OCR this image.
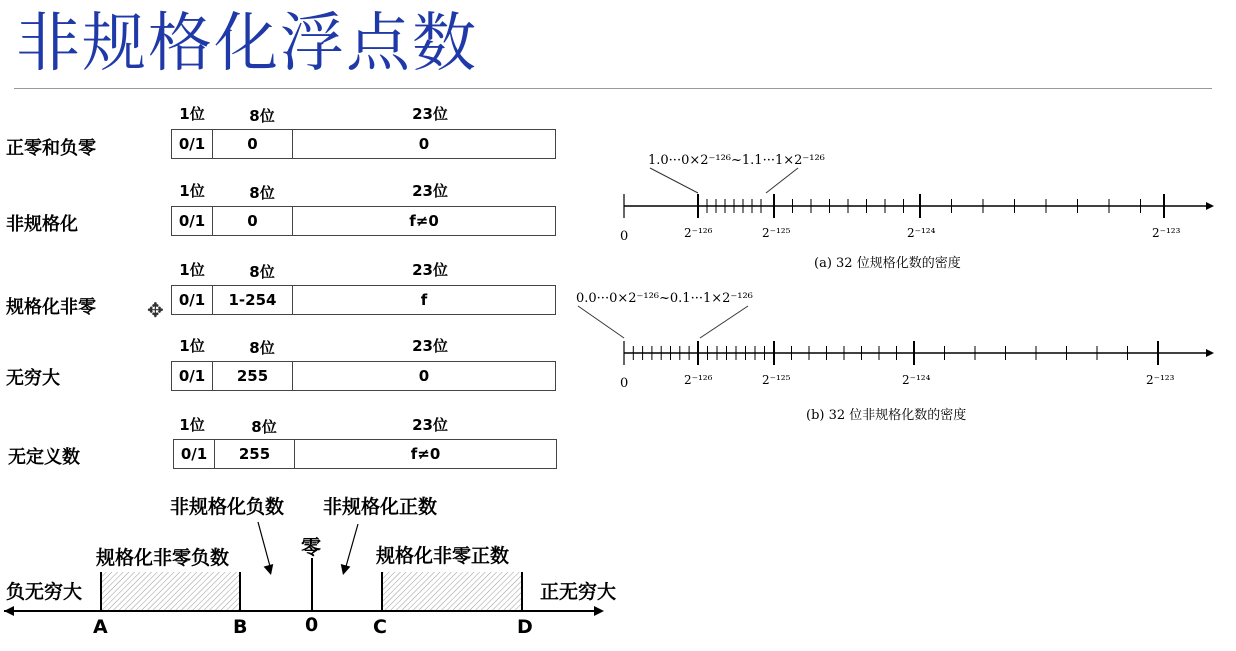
非规格化浮点数
正零和负零
1位	8位	23位
0/1	0	0
非规格化
1位	8位	23位
0/1	0	f≠0
规格化非零
1位	8位	23位
0/1	1-254	f
无穷大
1位	8位	23位
0/1	255	0
无定义数
1位	8位	23位
0/1	255	f≠0
✥
1.0···0×2⁻¹²⁶~1.1···1×2⁻¹²⁶
0	2⁻¹²⁶	2⁻¹²⁵	2⁻¹²⁴	2⁻¹²³
(a) 32 位规格化数的密度
0.0···0×2⁻¹²⁶~0.1···1×2⁻¹²⁶
0	2⁻¹²⁶	2⁻¹²⁵	2⁻¹²⁴	2⁻¹²³
(b) 32 位非规格化数的密度
负无穷大	正无穷大
规格化非零负数	规格化非零正数
非规格化负数 非规格化正数
零
A	B	0	C	D
